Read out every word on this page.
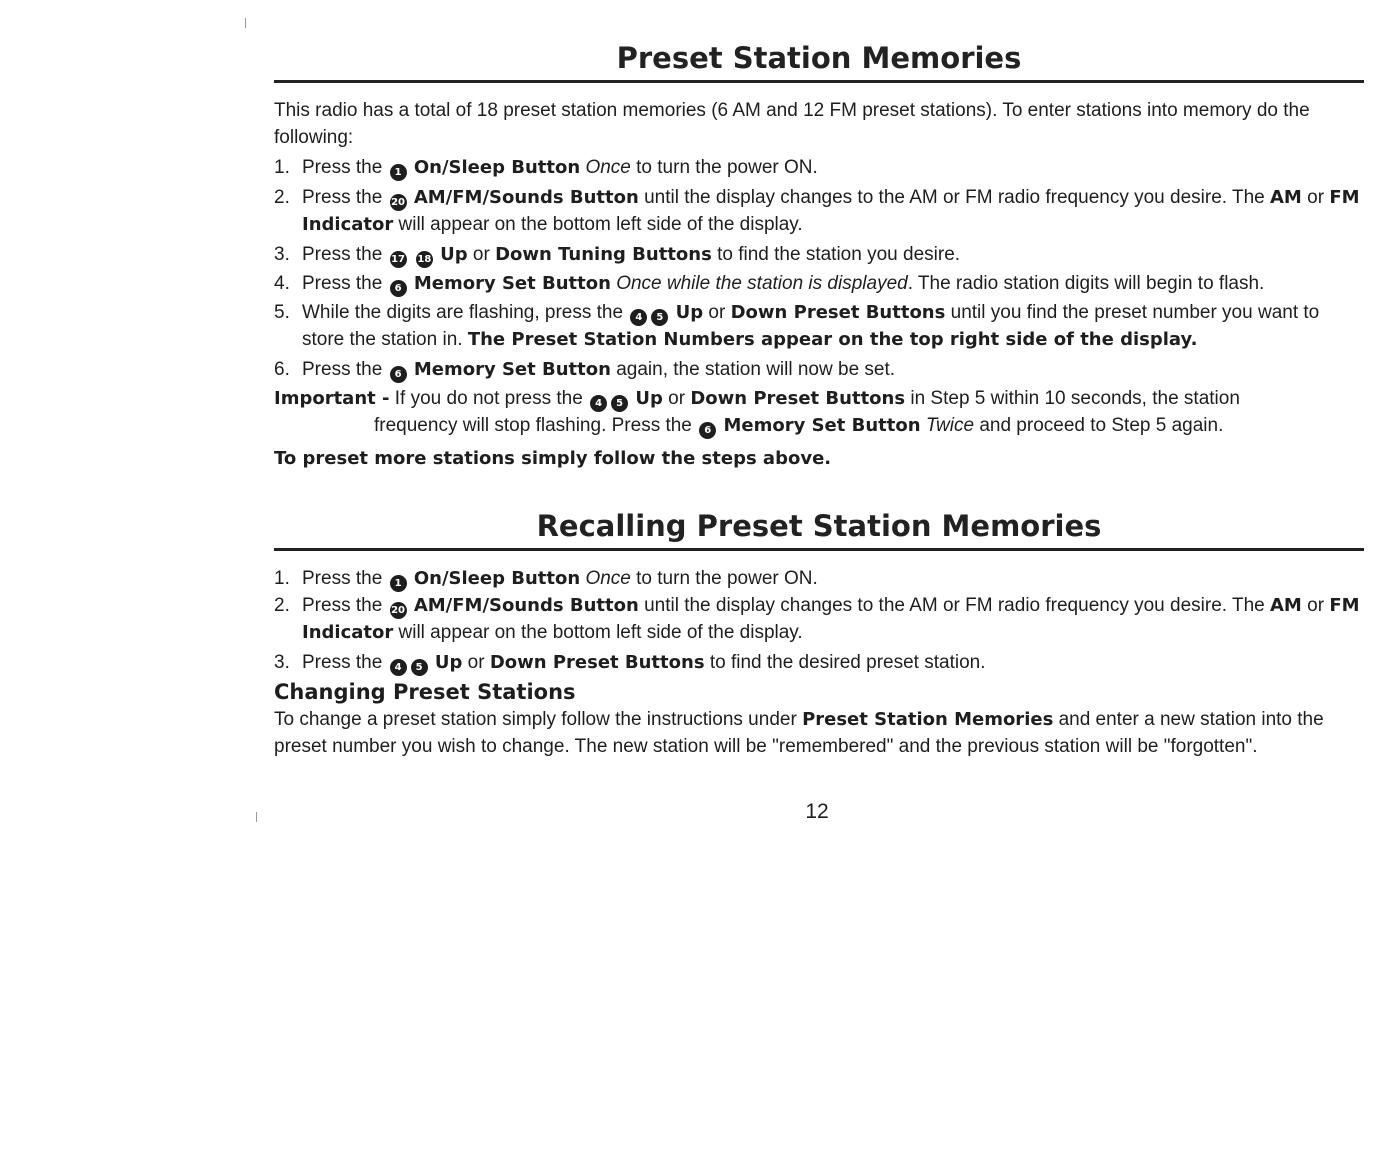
Preset Station Memories

This radio has a total of 18 preset station memories (6 AM and 12 FM preset stations). To enter stations into memory do the following:

1. Press the 1 On/Sleep Button Once to turn the power ON.
2. Press the 20 AM/FM/Sounds Button until the display changes to the AM or FM radio frequency you desire. The AM or FM Indicator will appear on the bottom left side of the display.
3. Press the 17 18 Up or Down Tuning Buttons to find the station you desire.
4. Press the 6 Memory Set Button Once while the station is displayed. The radio station digits will begin to flash.
5. While the digits are flashing, press the 4 5 Up or Down Preset Buttons until you find the preset number you want to store the station in. The Preset Station Numbers appear on the top right side of the display.
6. Press the 6 Memory Set Button again, the station will now be set.
Important - If you do not press the 4 5 Up or Down Preset Buttons in Step 5 within 10 seconds, the station
frequency will stop flashing. Press the 6 Memory Set Button Twice and proceed to Step 5 again.

To preset more stations simply follow the steps above.

Recalling Preset Station Memories
1. Press the 1 On/Sleep Button Once to turn the power ON.
2. Press the 20 AM/FM/Sounds Button until the display changes to the AM or FM radio frequency you desire. The AM or FM Indicator will appear on the bottom left side of the display.
3. Press the 4 5 Up or Down Preset Buttons to find the desired preset station.
Changing Preset Stations

To change a preset station simply follow the instructions under Preset Station Memories and enter a new station into the preset number you wish to change. The new station will be "remembered" and the previous station will be "forgotten".

12
